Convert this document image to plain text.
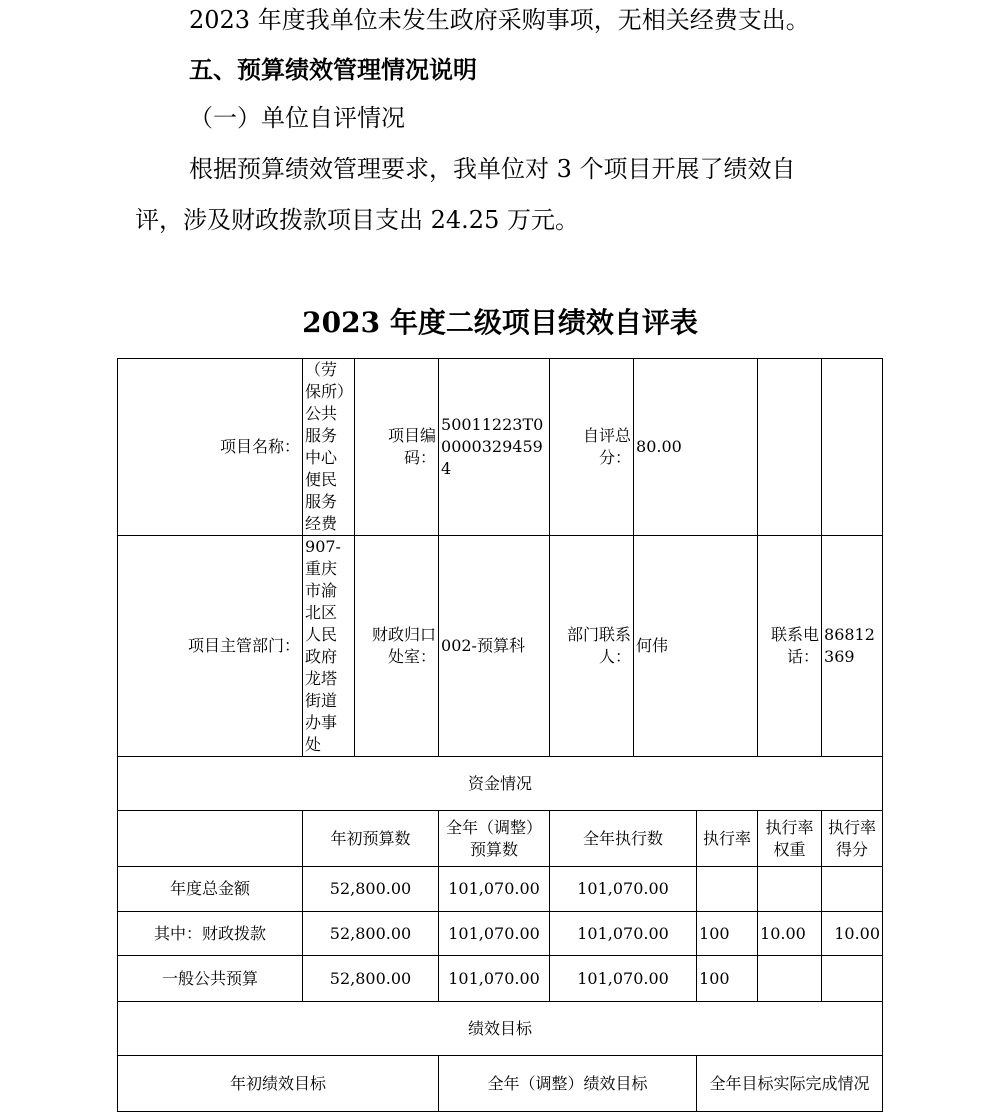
2023 年度我单位未发生政府采购事项，无相关经费支出。
五、预算绩效管理情况说明
（一）单位自评情况
根据预算绩效管理要求，我单位对 3 个项目开展了绩效自
评，涉及财政拨款项目支出 24.25 万元。
2023 年度二级项目绩效自评表
项目名称：	（劳保所）公共服务中心便民服务经费	项目编码：	50011223T000003294594	自评总分：	80.00			
项目主管部门：	907-重庆市渝北区人民政府龙塔街道办事处	财政归口处室：	002-预算科	部门联系人：	何伟		联系电话：	86812369
资金情况								
	年初预算数		全年（调整）预算数	全年执行数		执行率	执行率权重	执行率得分
年度总金额	52,800.00		101,070.00	101,070.00				
其中：财政拨款	52,800.00		101,070.00	101,070.00		100	10.00	10.00
一般公共预算	52,800.00		101,070.00	101,070.00		100		
绩效目标								
年初绩效目标			全年（调整）绩效目标			全年目标实际完成情况		
